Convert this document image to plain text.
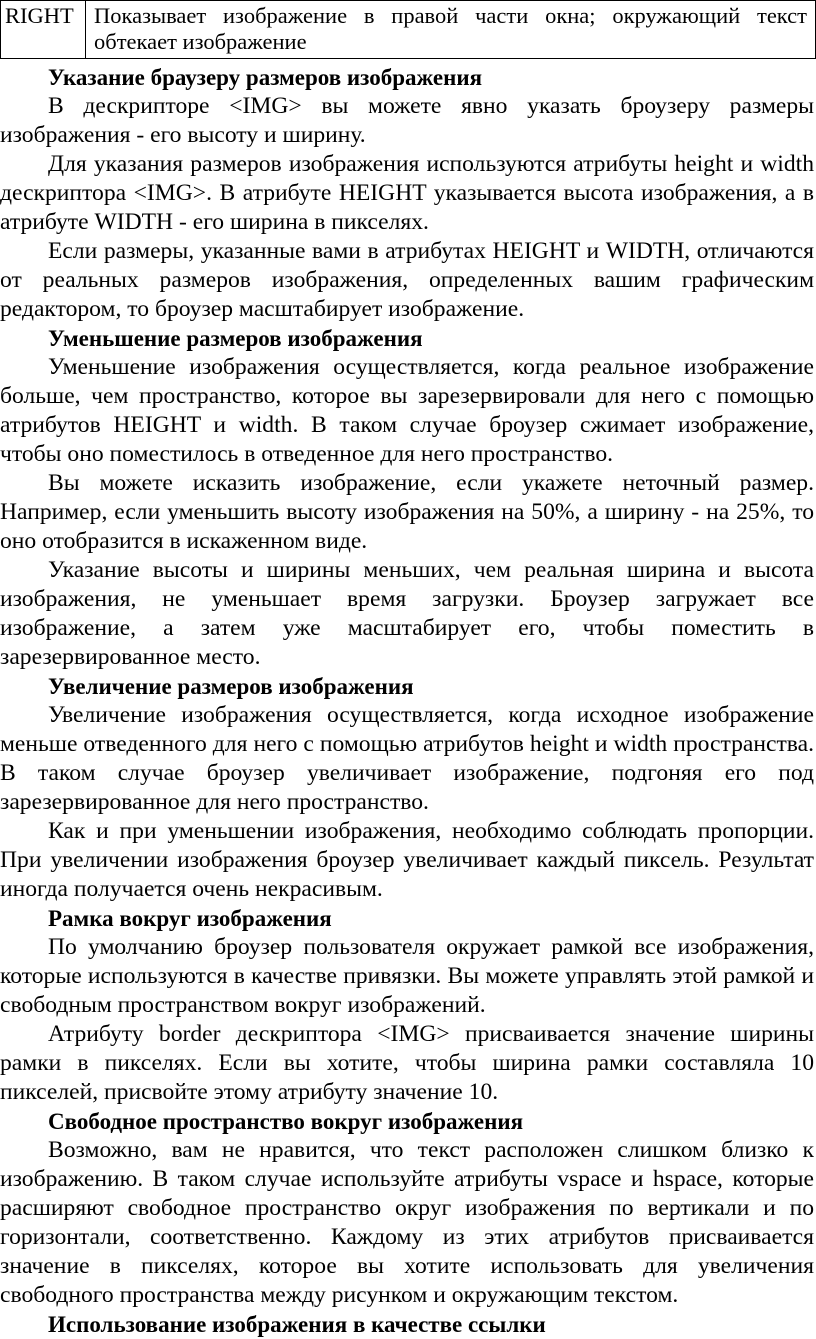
RIGHT	Показывает изображение в правой части окна; окружающий текст обтекает изображение
Указание браузеру размеров изображения

В дескрипторе <IMG> вы можете явно указать броузеру размеры изображения - его высоту и ширину.

Для указания размеров изображения используются атрибуты height и width дескриптора <IMG>. В атрибуте HEIGHT указывается высота изображения, а в атрибуте WIDTH - его ширина в пикселях.

Если размеры, указанные вами в атрибутах HEIGHT и WIDTH, отличаются от реальных размеров изображения, определенных вашим графическим редактором, то броузер масштабирует изображение.

Уменьшение размеров изображения

Уменьшение изображения осуществляется, когда реальное изображение больше, чем пространство, которое вы зарезервировали для него с помощью атрибутов HEIGHT и width. В таком случае броузер сжимает изображение, чтобы оно поместилось в отведенное для него пространство.

Вы можете исказить изображение, если укажете неточный размер. Например, если уменьшить высоту изображения на 50%, а ширину - на 25%, то оно отобразится в искаженном виде.

Указание высоты и ширины меньших, чем реальная ширина и высота изображения, не уменьшает время загрузки. Броузер загружает все изображение, а затем уже масштабирует его, чтобы поместить в зарезервированное место.

Увеличение размеров изображения

Увеличение изображения осуществляется, когда исходное изображение меньше отведенного для него с помощью атрибутов height и width пространства. В таком случае броузер увеличивает изображение, подгоняя его под зарезервированное для него пространство.

Как и при уменьшении изображения, необходимо соблюдать пропорции. При увеличении изображения броузер увеличивает каждый пиксель. Результат иногда получается очень некрасивым.

Рамка вокруг изображения

По умолчанию броузер пользователя окружает рамкой все изображения, которые используются в качестве привязки. Вы можете управлять этой рамкой и свободным пространством вокруг изображений.

Атрибуту border дескриптора <IMG> присваивается значение ширины рамки в пикселях. Если вы хотите, чтобы ширина рамки составляла 10 пикселей, присвойте этому атрибуту значение 10.

Свободное пространство вокруг изображения

Возможно, вам не нравится, что текст расположен слишком близко к изображению. В таком случае используйте атрибуты vspace и hspace, которые расширяют свободное пространство округ изображения по вертикали и по горизонтали, соответственно. Каждому из этих атрибутов присваивается значение в пикселях, которое вы хотите использовать для увеличения свободного пространства между рисунком и окружающим текстом.

Использование изображения в качестве ссылки
